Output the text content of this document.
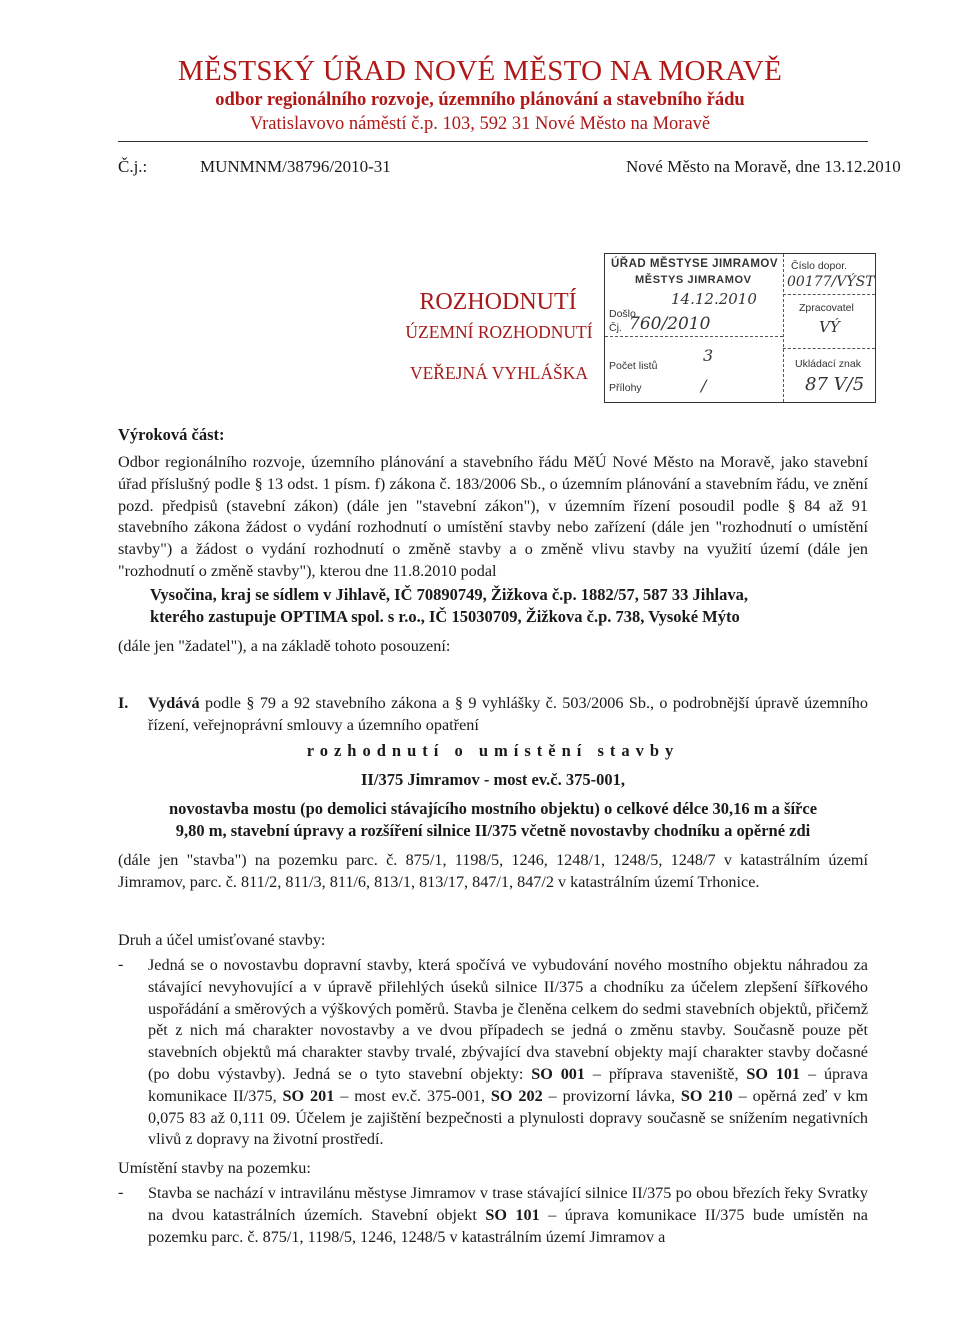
MĚSTSKÝ ÚŘAD NOVÉ MĚSTO NA MORAVĚ
odbor regionálního rozvoje, územního plánování a stavebního řádu
Vratislavovo náměstí č.p. 103, 592 31 Nové Město na Moravě
Č.j.:	MUNMNM/38796/2010-31	Nové Město na Moravě, dne 13.12.2010
ROZHODNUTÍ
ÚZEMNÍ ROZHODNUTÍ
VEŘEJNÁ VYHLÁŠKA
ÚŘAD MĚSTYSE JIMRAMOV
MĚSTYS JIMRAMOV
Došlo
14.12.2010
Čj. 760/2010
Počet listů
3
Přílohy	/
Číslo dopor.
00177/VÝST
Zpracovatel
VÝ
Ukládací znak
87 V/5
Výroková část:
Odbor regionálního rozvoje, územního plánování a stavebního řádu MěÚ Nové Město na Moravě, jako stavební úřad příslušný podle § 13 odst. 1 písm. f) zákona č. 183/2006 Sb., o územním plánování a stavebním řádu, ve znění pozd. předpisů (stavební zákon) (dále jen "stavební zákon"), v územním řízení posoudil podle § 84 až 91 stavebního zákona žádost o vydání rozhodnutí o umístění stavby nebo zařízení (dále jen "rozhodnutí o umístění stavby") a žádost o vydání rozhodnutí o změně stavby a o změně vlivu stavby na využití území (dále jen "rozhodnutí o změně stavby"), kterou dne 11.8.2010 podal
Vysočina, kraj se sídlem v Jihlavě, IČ 70890749, Žižkova č.p. 1882/57, 587 33 Jihlava,
kterého zastupuje OPTIMA spol. s r.o., IČ 15030709, Žižkova č.p. 738, Vysoké Mýto
(dále jen "žadatel"), a na základě tohoto posouzení:
I. Vydává podle § 79 a 92 stavebního zákona a § 9 vyhlášky č. 503/2006 Sb., o podrobnější úpravě územního řízení, veřejnoprávní smlouvy a územního opatření
rozhodnutí o umístění stavby
II/375 Jimramov - most ev.č. 375-001,
novostavba mostu (po demolici stávajícího mostního objektu) o celkové délce 30,16 m a šířce
9,80 m, stavební úpravy a rozšíření silnice II/375 včetně novostavby chodníku a opěrné zdi
(dále jen "stavba") na pozemku parc. č. 875/1, 1198/5, 1246, 1248/1, 1248/5, 1248/7 v katastrálním území Jimramov, parc. č. 811/2, 811/3, 811/6, 813/1, 813/17, 847/1, 847/2 v katastrálním území Trhonice.
Druh a účel umisťované stavby:
- Jedná se o novostavbu dopravní stavby, která spočívá ve vybudování nového mostního objektu náhradou za stávající nevyhovující a v úpravě přilehlých úseků silnice II/375 a chodníku za účelem zlepšení šířkového uspořádání a směrových a výškových poměrů. Stavba je členěna celkem do sedmi stavebních objektů, přičemž pět z nich má charakter novostavby a ve dvou případech se jedná o změnu stavby. Současně pouze pět stavebních objektů má charakter stavby trvalé, zbývající dva stavební objekty mají charakter stavby dočasné (po dobu výstavby). Jedná se o tyto stavební objekty: SO 001 – příprava staveniště, SO 101 – úprava komunikace II/375, SO 201 – most ev.č. 375-001, SO 202 – provizorní lávka, SO 210 – opěrná zeď v km 0,075 83 až 0,111 09. Účelem je zajištění bezpečnosti a plynulosti dopravy současně se snížením negativních vlivů z dopravy na životní prostředí.
Umístění stavby na pozemku:
- Stavba se nachází v intravilánu městyse Jimramov v trase stávající silnice II/375 po obou březích řeky Svratky na dvou katastrálních územích. Stavební objekt SO 101 – úprava komunikace II/375 bude umístěn na pozemku parc. č. 875/1, 1198/5, 1246, 1248/5 v katastrálním území Jimramov a
